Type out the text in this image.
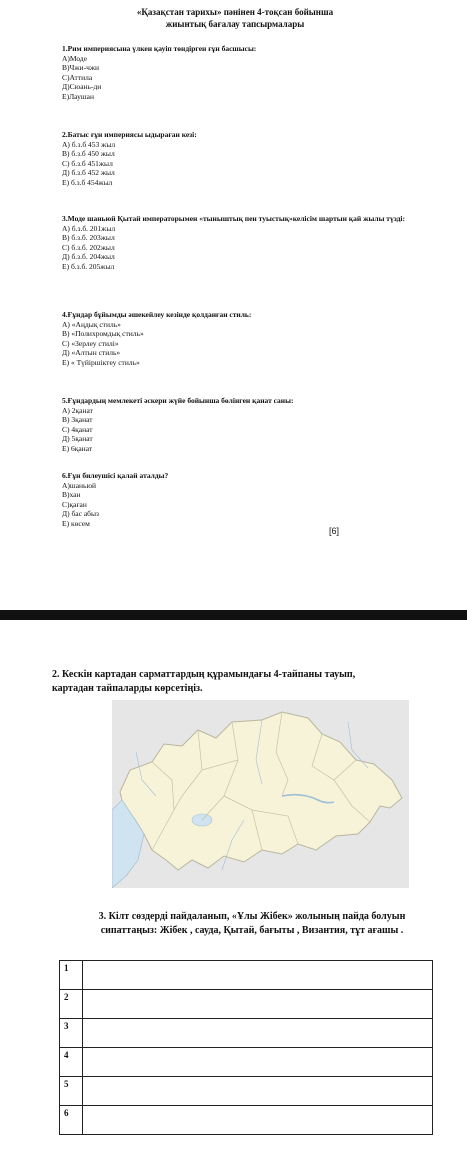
«Қазақстан тарихы» пәнінен 4-тоқсан бойынша
жиынтық бағалау тапсырмалары
1.Рим империясына үлкен қауіп төндірген ғұн басшысы:
А)Моде
В)Чжи-чжи
С)Аттила
Д)Сюань-ди
Е)Лаушан
2.Батыс ғұн империясы ыдыраған кезі:
А) б.з.б 453 жыл
В) б.з.б 450 жыл
С) б.з.б 451жыл
Д) б.з.б 452 жыл
Е) б.з.б 454жыл
3.Моде шаньюй Қытай императорымен «тыныштық пен туыстық»келісім шартын қай жылы түзді:
А) б.з.б. 201жыл
В) б.з.б. 203жыл
С) б.з.б. 202жыл
Д) б.з.б. 204жыл
Е) б.з.б. 205жыл
4.Ғұндар бұйымды әшекейлеу кезінде қолданған стиль:
А) «Аңдық стиль»
В) «Полихромдық стиль»
С) «Зерлеу стилі»
Д) «Алтын стиль»
Е) « Түйіршіктеу стиль»
5.Ғұндардың мемлекеті әскери жүйе бойынша бөлінген қанат саны:
А) 2қанат
В) 3қанат
С) 4қанат
Д) 5қанат
Е) 6қанат
6.Ғұн билеушісі қалай аталды?
А)шаньюй
В)хан
С)қаған
Д) бас абыз
Е) көсем
[6]
2. Кескін картадан сарматтардың құрамындағы 4-тайпаны тауып,
картадан тайпаларды көрсетіңіз.
3. Кілт сөздерді пайдаланып, «Ұлы Жібек» жолының пайда болуын
сипаттаңыз: Жібек , сауда, Қытай, бағыты , Византия, тұт ағашы .
1	
2	
3	
4	
5	
6	
